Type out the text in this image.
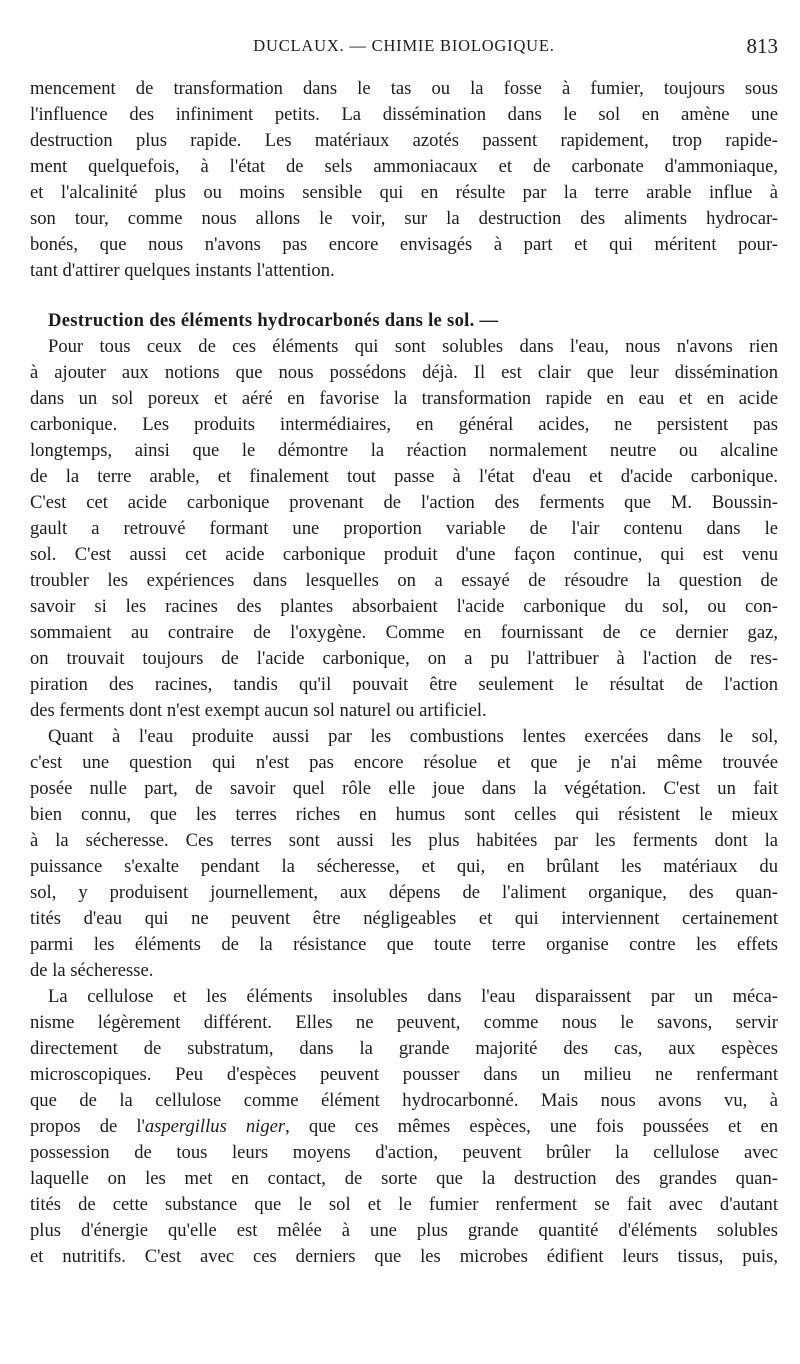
DUCLAUX. — CHIMIE BIOLOGIQUE.	813
mencement de transformation dans le tas ou la fosse à fumier, toujours sous
l'influence des infiniment petits. La dissémination dans le sol en amène une
destruction plus rapide. Les matériaux azotés passent rapidement, trop rapide-
ment quelquefois, à l'état de sels ammoniacaux et de carbonate d'ammoniaque,
et l'alcalinité plus ou moins sensible qui en résulte par la terre arable influe à
son tour, comme nous allons le voir, sur la destruction des aliments hydrocar-
bonés, que nous n'avons pas encore envisagés à part et qui méritent pour-
tant d'attirer quelques instants l'attention.
Destruction des éléments hydrocarbonés dans le sol. —
Pour tous ceux de ces éléments qui sont solubles dans l'eau, nous n'avons rien
à ajouter aux notions que nous possédons déjà. Il est clair que leur dissémination
dans un sol poreux et aéré en favorise la transformation rapide en eau et en acide
carbonique. Les produits intermédiaires, en général acides, ne persistent pas
longtemps, ainsi que le démontre la réaction normalement neutre ou alcaline
de la terre arable, et finalement tout passe à l'état d'eau et d'acide carbonique.
C'est cet acide carbonique provenant de l'action des ferments que M. Boussin-
gault a retrouvé formant une proportion variable de l'air contenu dans le
sol. C'est aussi cet acide carbonique produit d'une façon continue, qui est venu
troubler les expériences dans lesquelles on a essayé de résoudre la question de
savoir si les racines des plantes absorbaient l'acide carbonique du sol, ou con-
sommaient au contraire de l'oxygène. Comme en fournissant de ce dernier gaz,
on trouvait toujours de l'acide carbonique, on a pu l'attribuer à l'action de res-
piration des racines, tandis qu'il pouvait être seulement le résultat de l'action
des ferments dont n'est exempt aucun sol naturel ou artificiel.
Quant à l'eau produite aussi par les combustions lentes exercées dans le sol,
c'est une question qui n'est pas encore résolue et que je n'ai même trouvée
posée nulle part, de savoir quel rôle elle joue dans la végétation. C'est un fait
bien connu, que les terres riches en humus sont celles qui résistent le mieux
à la sécheresse. Ces terres sont aussi les plus habitées par les ferments dont la
puissance s'exalte pendant la sécheresse, et qui, en brûlant les matériaux du
sol, y produisent journellement, aux dépens de l'aliment organique, des quan-
tités d'eau qui ne peuvent être négligeables et qui interviennent certainement
parmi les éléments de la résistance que toute terre organise contre les effets
de la sécheresse.
La cellulose et les éléments insolubles dans l'eau disparaissent par un méca-
nisme légèrement différent. Elles ne peuvent, comme nous le savons, servir
directement de substratum, dans la grande majorité des cas, aux espèces
microscopiques. Peu d'espèces peuvent pousser dans un milieu ne renfermant
que de la cellulose comme élément hydrocarbonné. Mais nous avons vu, à
propos de l'aspergillus niger, que ces mêmes espèces, une fois poussées et en
possession de tous leurs moyens d'action, peuvent brûler la cellulose avec
laquelle on les met en contact, de sorte que la destruction des grandes quan-
tités de cette substance que le sol et le fumier renferment se fait avec d'autant
plus d'énergie qu'elle est mêlée à une plus grande quantité d'éléments solubles
et nutritifs. C'est avec ces derniers que les microbes édifient leurs tissus, puis,
